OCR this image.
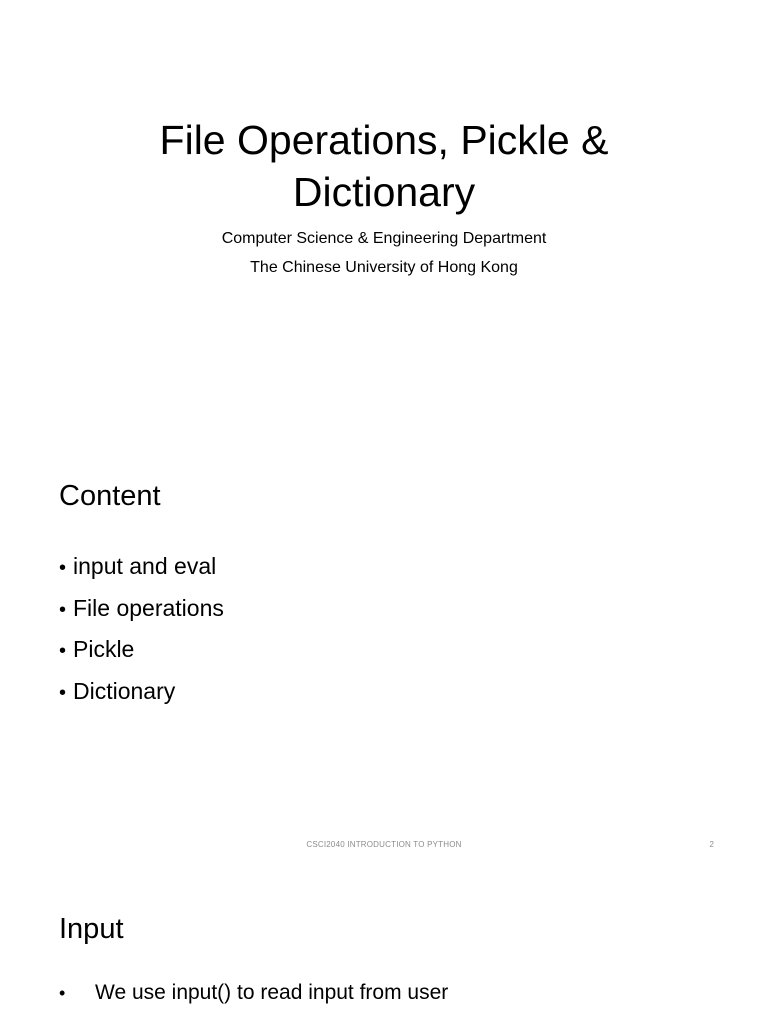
File Operations, Pickle &
Dictionary
Computer Science & Engineering Department
The Chinese University of Hong Kong
Content
• input and eval
• File operations
• Pickle
• Dictionary
CSCI2040 INTRODUCTION TO PYTHON	2
Input
•	We use input() to read input from user
